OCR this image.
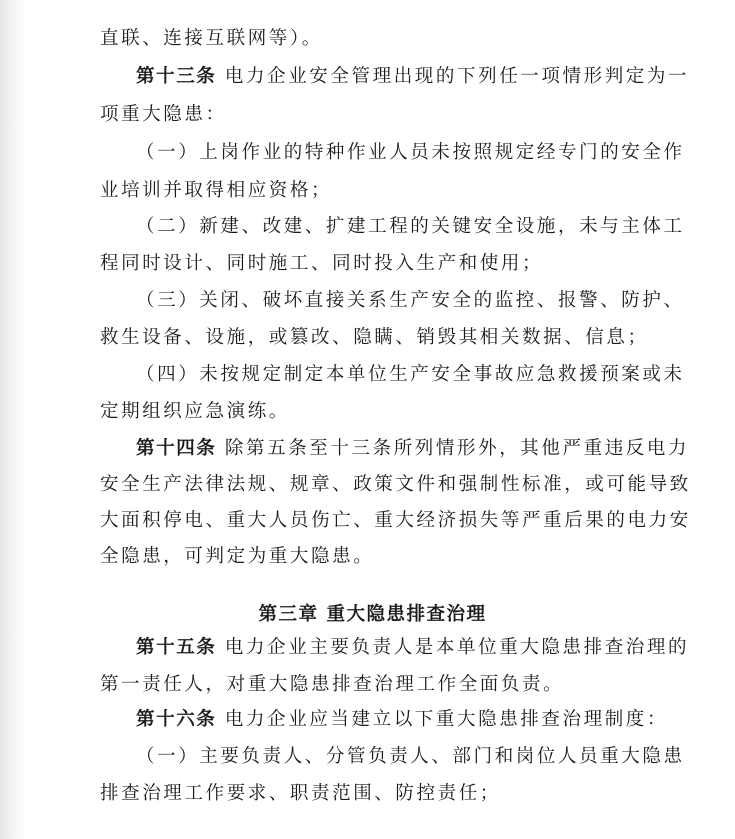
直联、连接互联网等）。
第十三条 电力企业安全管理出现的下列任一项情形判定为一
项重大隐患：
（一）上岗作业的特种作业人员未按照规定经专门的安全作
业培训并取得相应资格；
（二）新建、改建、扩建工程的关键安全设施，未与主体工
程同时设计、同时施工、同时投入生产和使用；
（三）关闭、破坏直接关系生产安全的监控、报警、防护、
救生设备、设施，或篡改、隐瞒、销毁其相关数据、信息；
（四）未按规定制定本单位生产安全事故应急救援预案或未
定期组织应急演练。
第十四条 除第五条至十三条所列情形外，其他严重违反电力
安全生产法律法规、规章、政策文件和强制性标准，或可能导致
大面积停电、重大人员伤亡、重大经济损失等严重后果的电力安
全隐患，可判定为重大隐患。
第三章 重大隐患排查治理
第十五条 电力企业主要负责人是本单位重大隐患排查治理的
第一责任人，对重大隐患排查治理工作全面负责。
第十六条 电力企业应当建立以下重大隐患排查治理制度：
（一）主要负责人、分管负责人、部门和岗位人员重大隐患
排查治理工作要求、职责范围、防控责任；
